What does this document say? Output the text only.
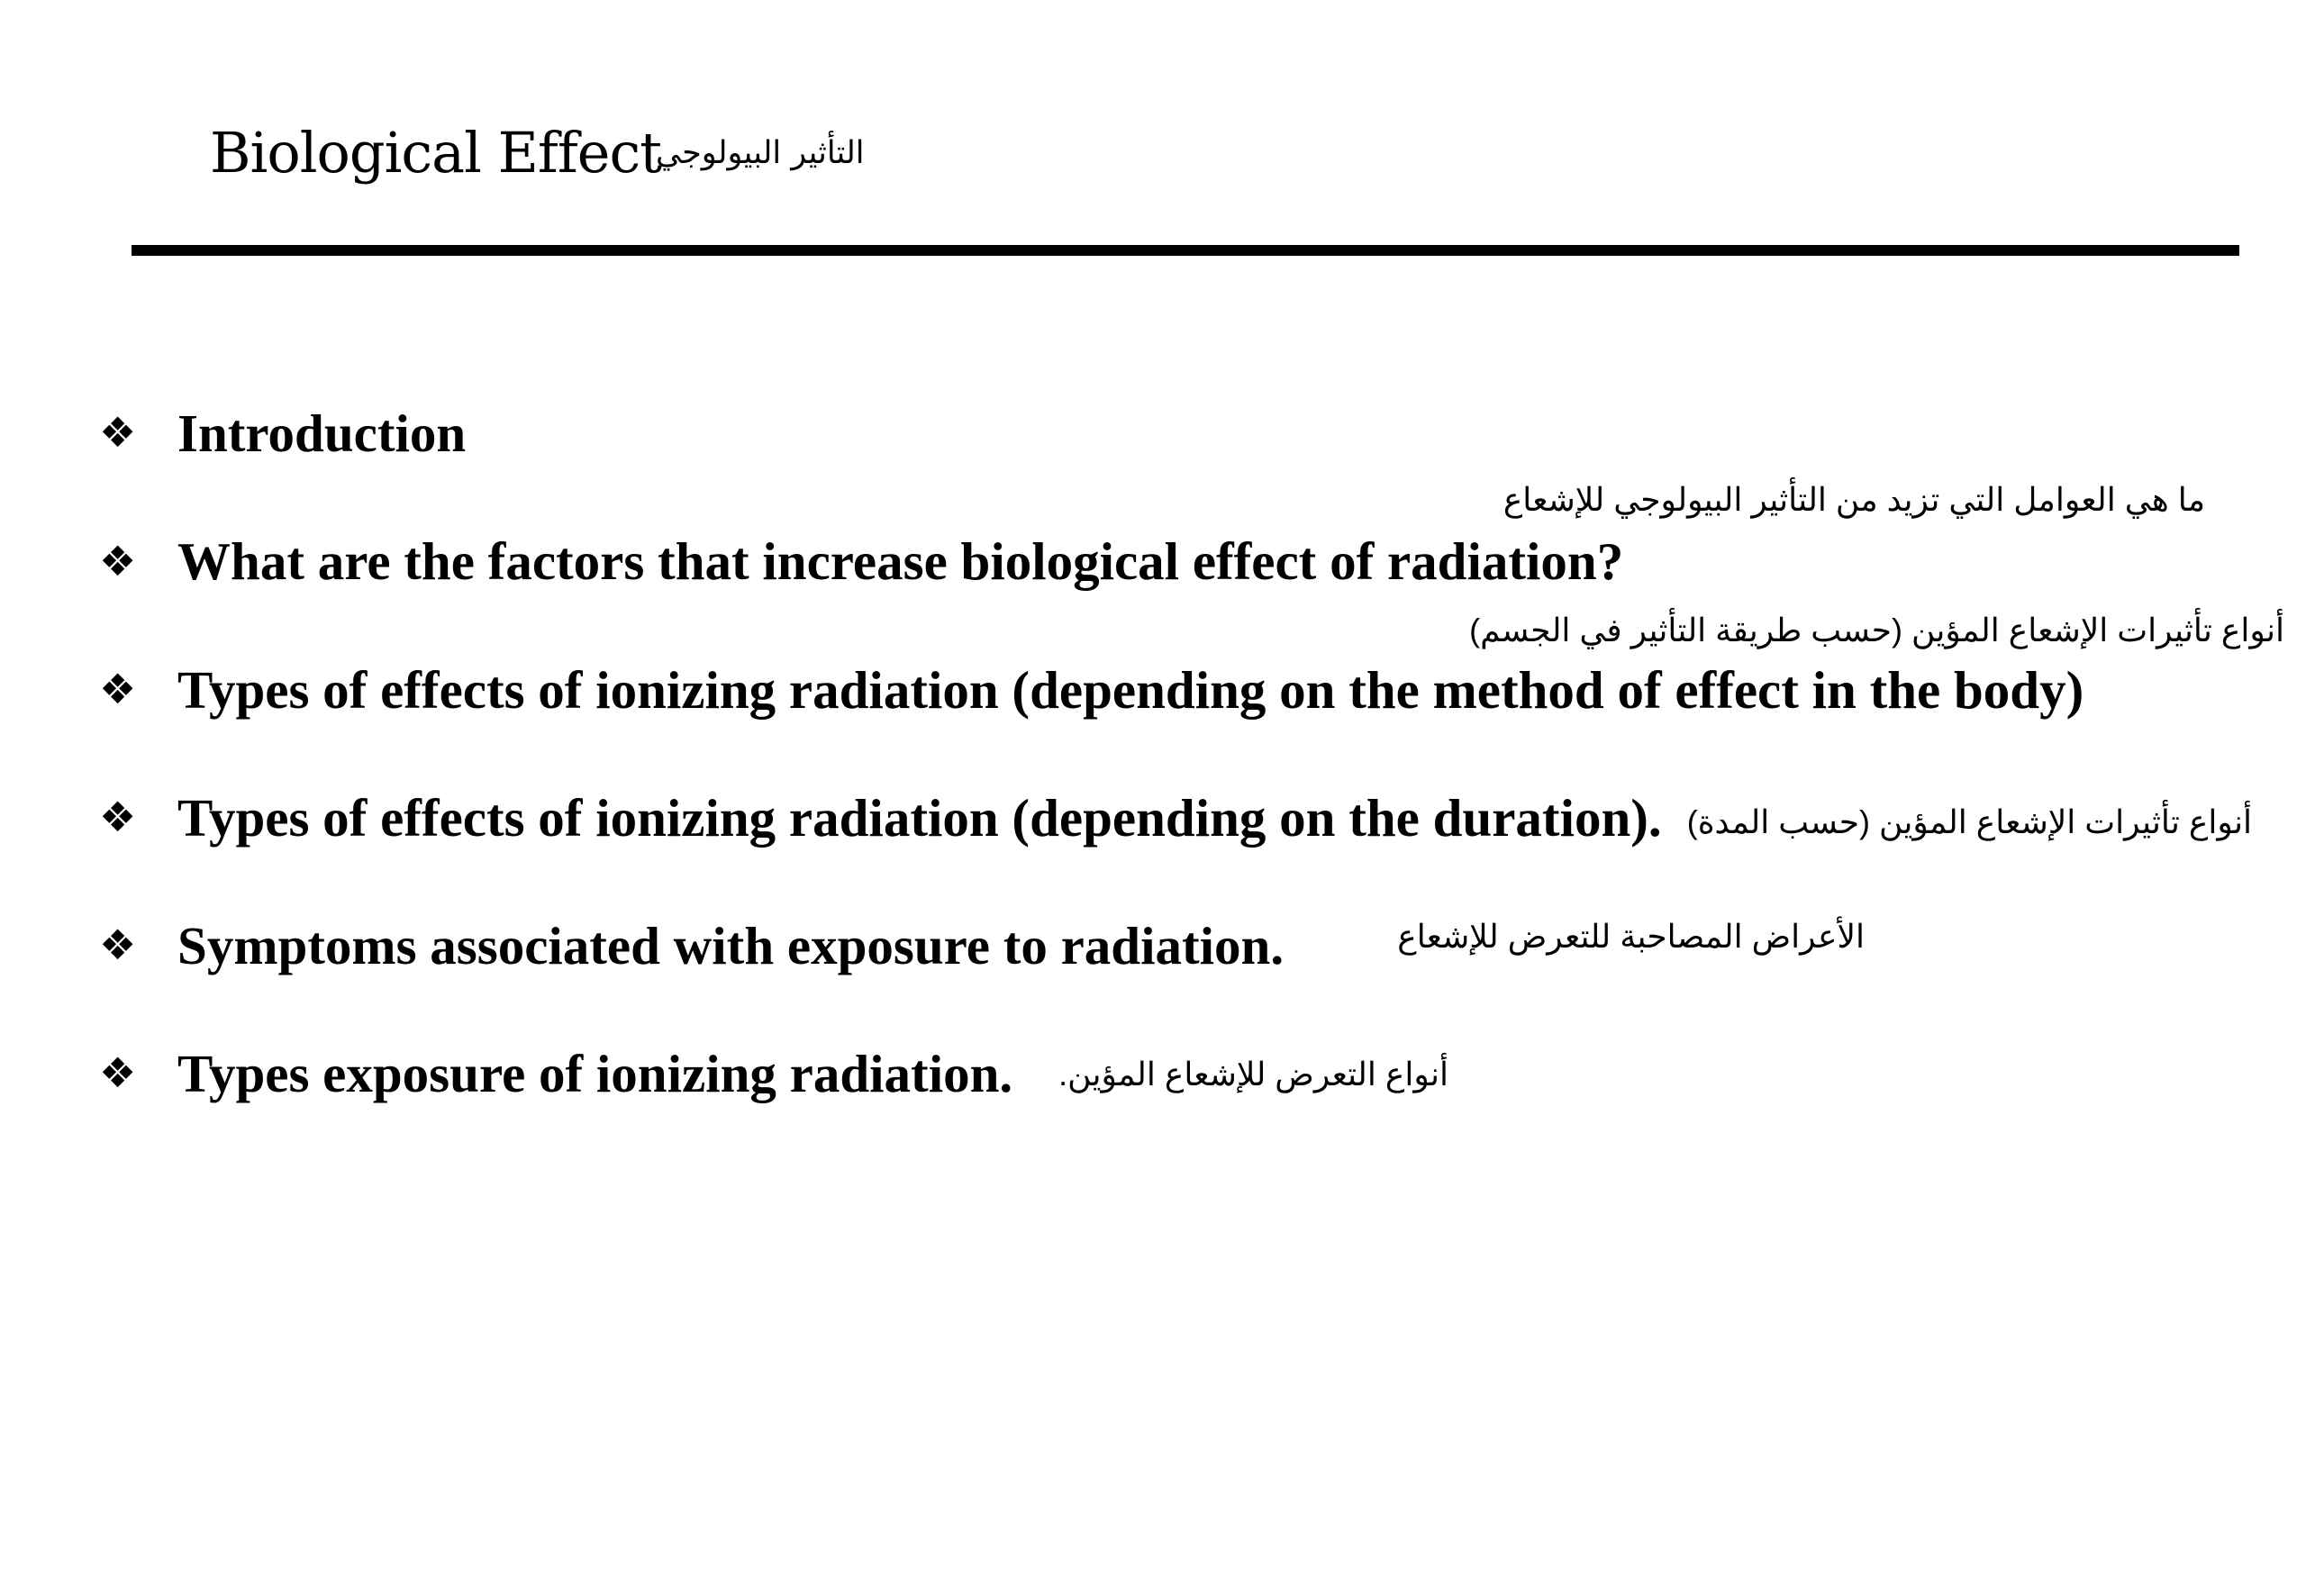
Biological Effect
التأثير البيولوجي
❖ Introduction
ما هي العوامل التي تزيد من التأثير البيولوجي للإشعاع
❖ What are the factors that increase biological effect of radiation?
أنواع تأثيرات الإشعاع المؤين (حسب طريقة التأثير في الجسم)
❖ Types of effects of ionizing radiation (depending on the method of effect in the body)
❖ Types of effects of ionizing radiation (depending on the duration). أنواع تأثيرات الإشعاع المؤين (حسب المدة)
❖ Symptoms associated with exposure to radiation.	الأعراض المصاحبة للتعرض للإشعاع
❖ Types exposure of ionizing radiation. أنواع التعرض للإشعاع المؤين.
